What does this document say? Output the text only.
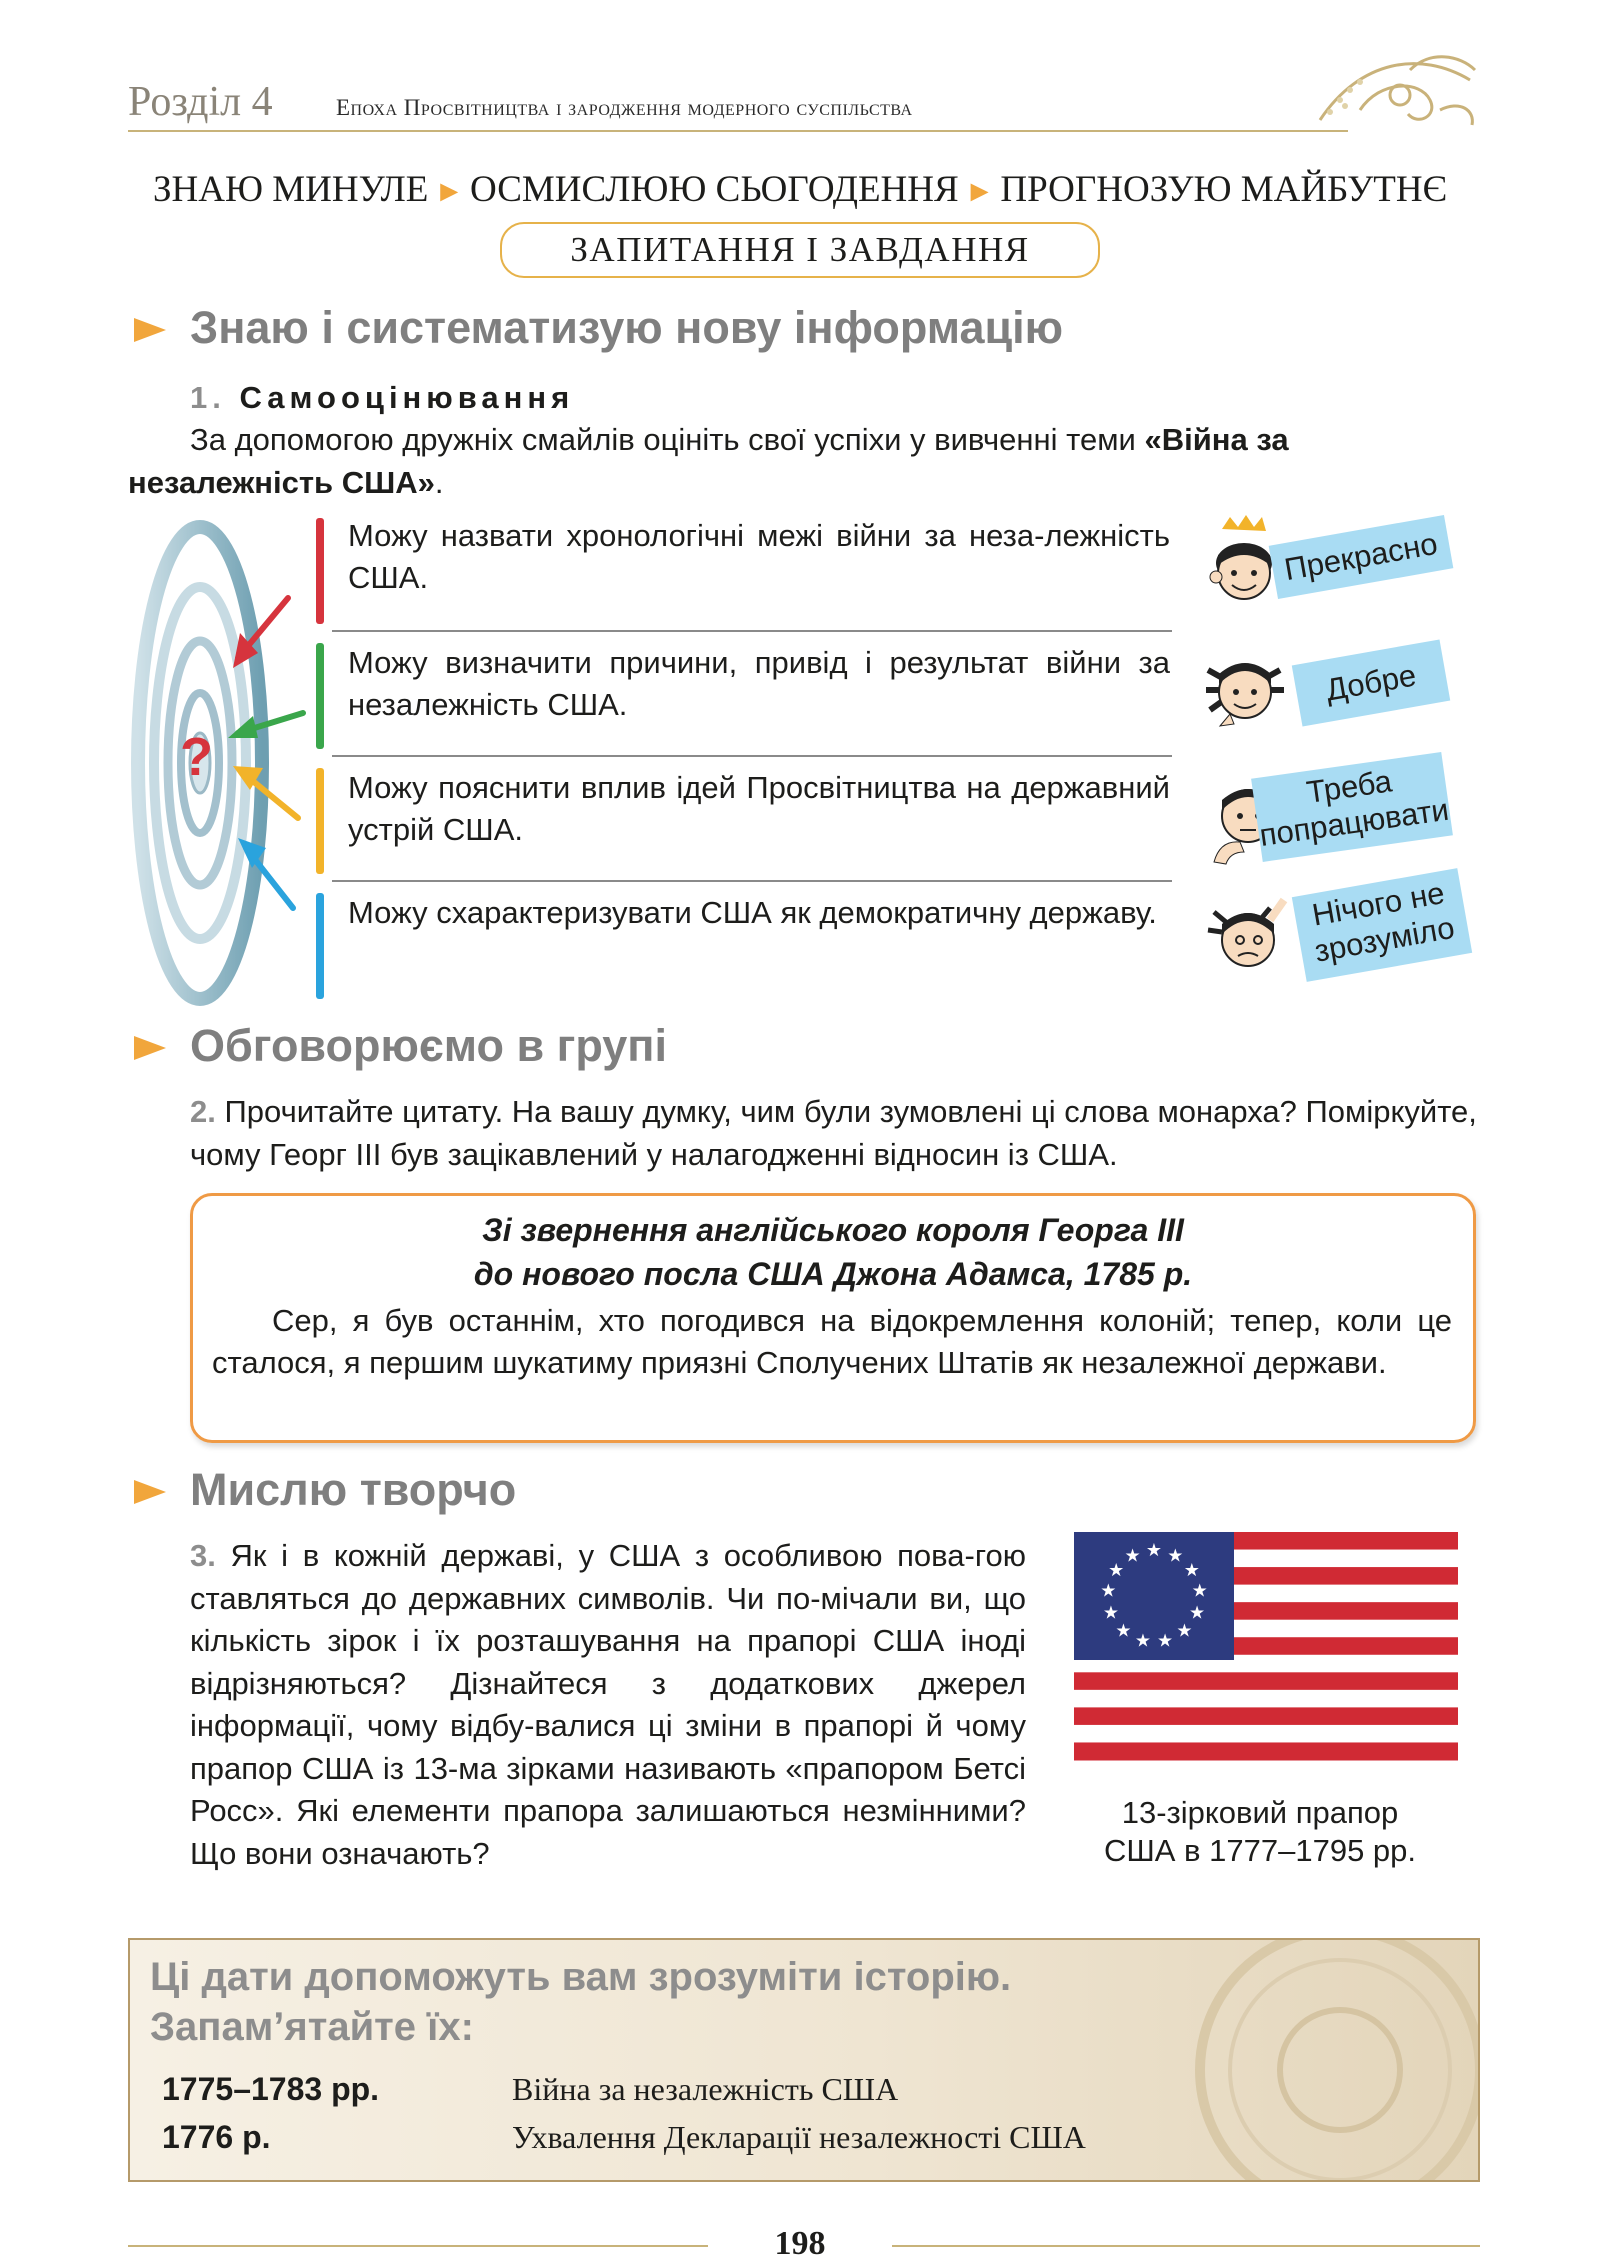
Розділ 4	Епоха Просвітництва і зародження модерного суспільства
ЗНАЮ МИНУЛЕ ► ОСМИСЛЮЮ СЬОГОДЕННЯ ► ПРОГНОЗУЮ МАЙБУТНЄ
ЗАПИТАННЯ І ЗАВДАННЯ
Знаю і систематизую нову інформацію
1. Самооцінювання
За допомогою дружніх смайлів оцініть свої успіхи у вивченні теми «Війна за незалежність США».
?
Можу назвати хронологічні межі війни за неза-лежність США.
Можу визначити причини, привід і результат війни за незалежність США.
Можу пояснити вплив ідей Просвітництва на державний устрій США.
Можу схарактеризувати США як демократичну державу.
Прекрасно
Добре
Треба попрацювати
Нічого не зрозуміло
Обговорюємо в групі
2. Прочитайте цитату. На вашу думку, чим були зумовлені ці слова монарха? Поміркуйте, чому Георг ІІІ був зацікавлений у налагодженні відносин із США.
Зі звернення англійського короля Георга ІІІ
до нового посла США Джона Адамса, 1785 р.
Сер, я був останнім, хто погодився на відокремлення колоній; тепер, коли це сталося, я першим шукатиму приязні Сполучених Штатів як незалежної держави.
Мислю творчо
3. Як і в кожній державі, у США з особливою пова-гою ставляться до державних символів. Чи по-мічали ви, що кількість зірок і їх розташування на прапорі США іноді відрізняються? Дізнайтеся з додаткових джерел інформації, чому відбу-валися ці зміни в прапорі й чому прапор США із 13-ма зірками називають «прапором Бетсі Росс». Які елементи прапора залишаються незмінними? Що вони означають?
★ ★
★
★
★
★
★
★
★
★
★
★
★
13-зірковий прапор
США в 1777–1795 рр.
Ці дати допоможуть вам зрозуміти історію.
Запам’ятайте їх:
1775–1783 рр.	Війна за незалежність США
1776 р.	Ухвалення Декларації незалежності США
198
